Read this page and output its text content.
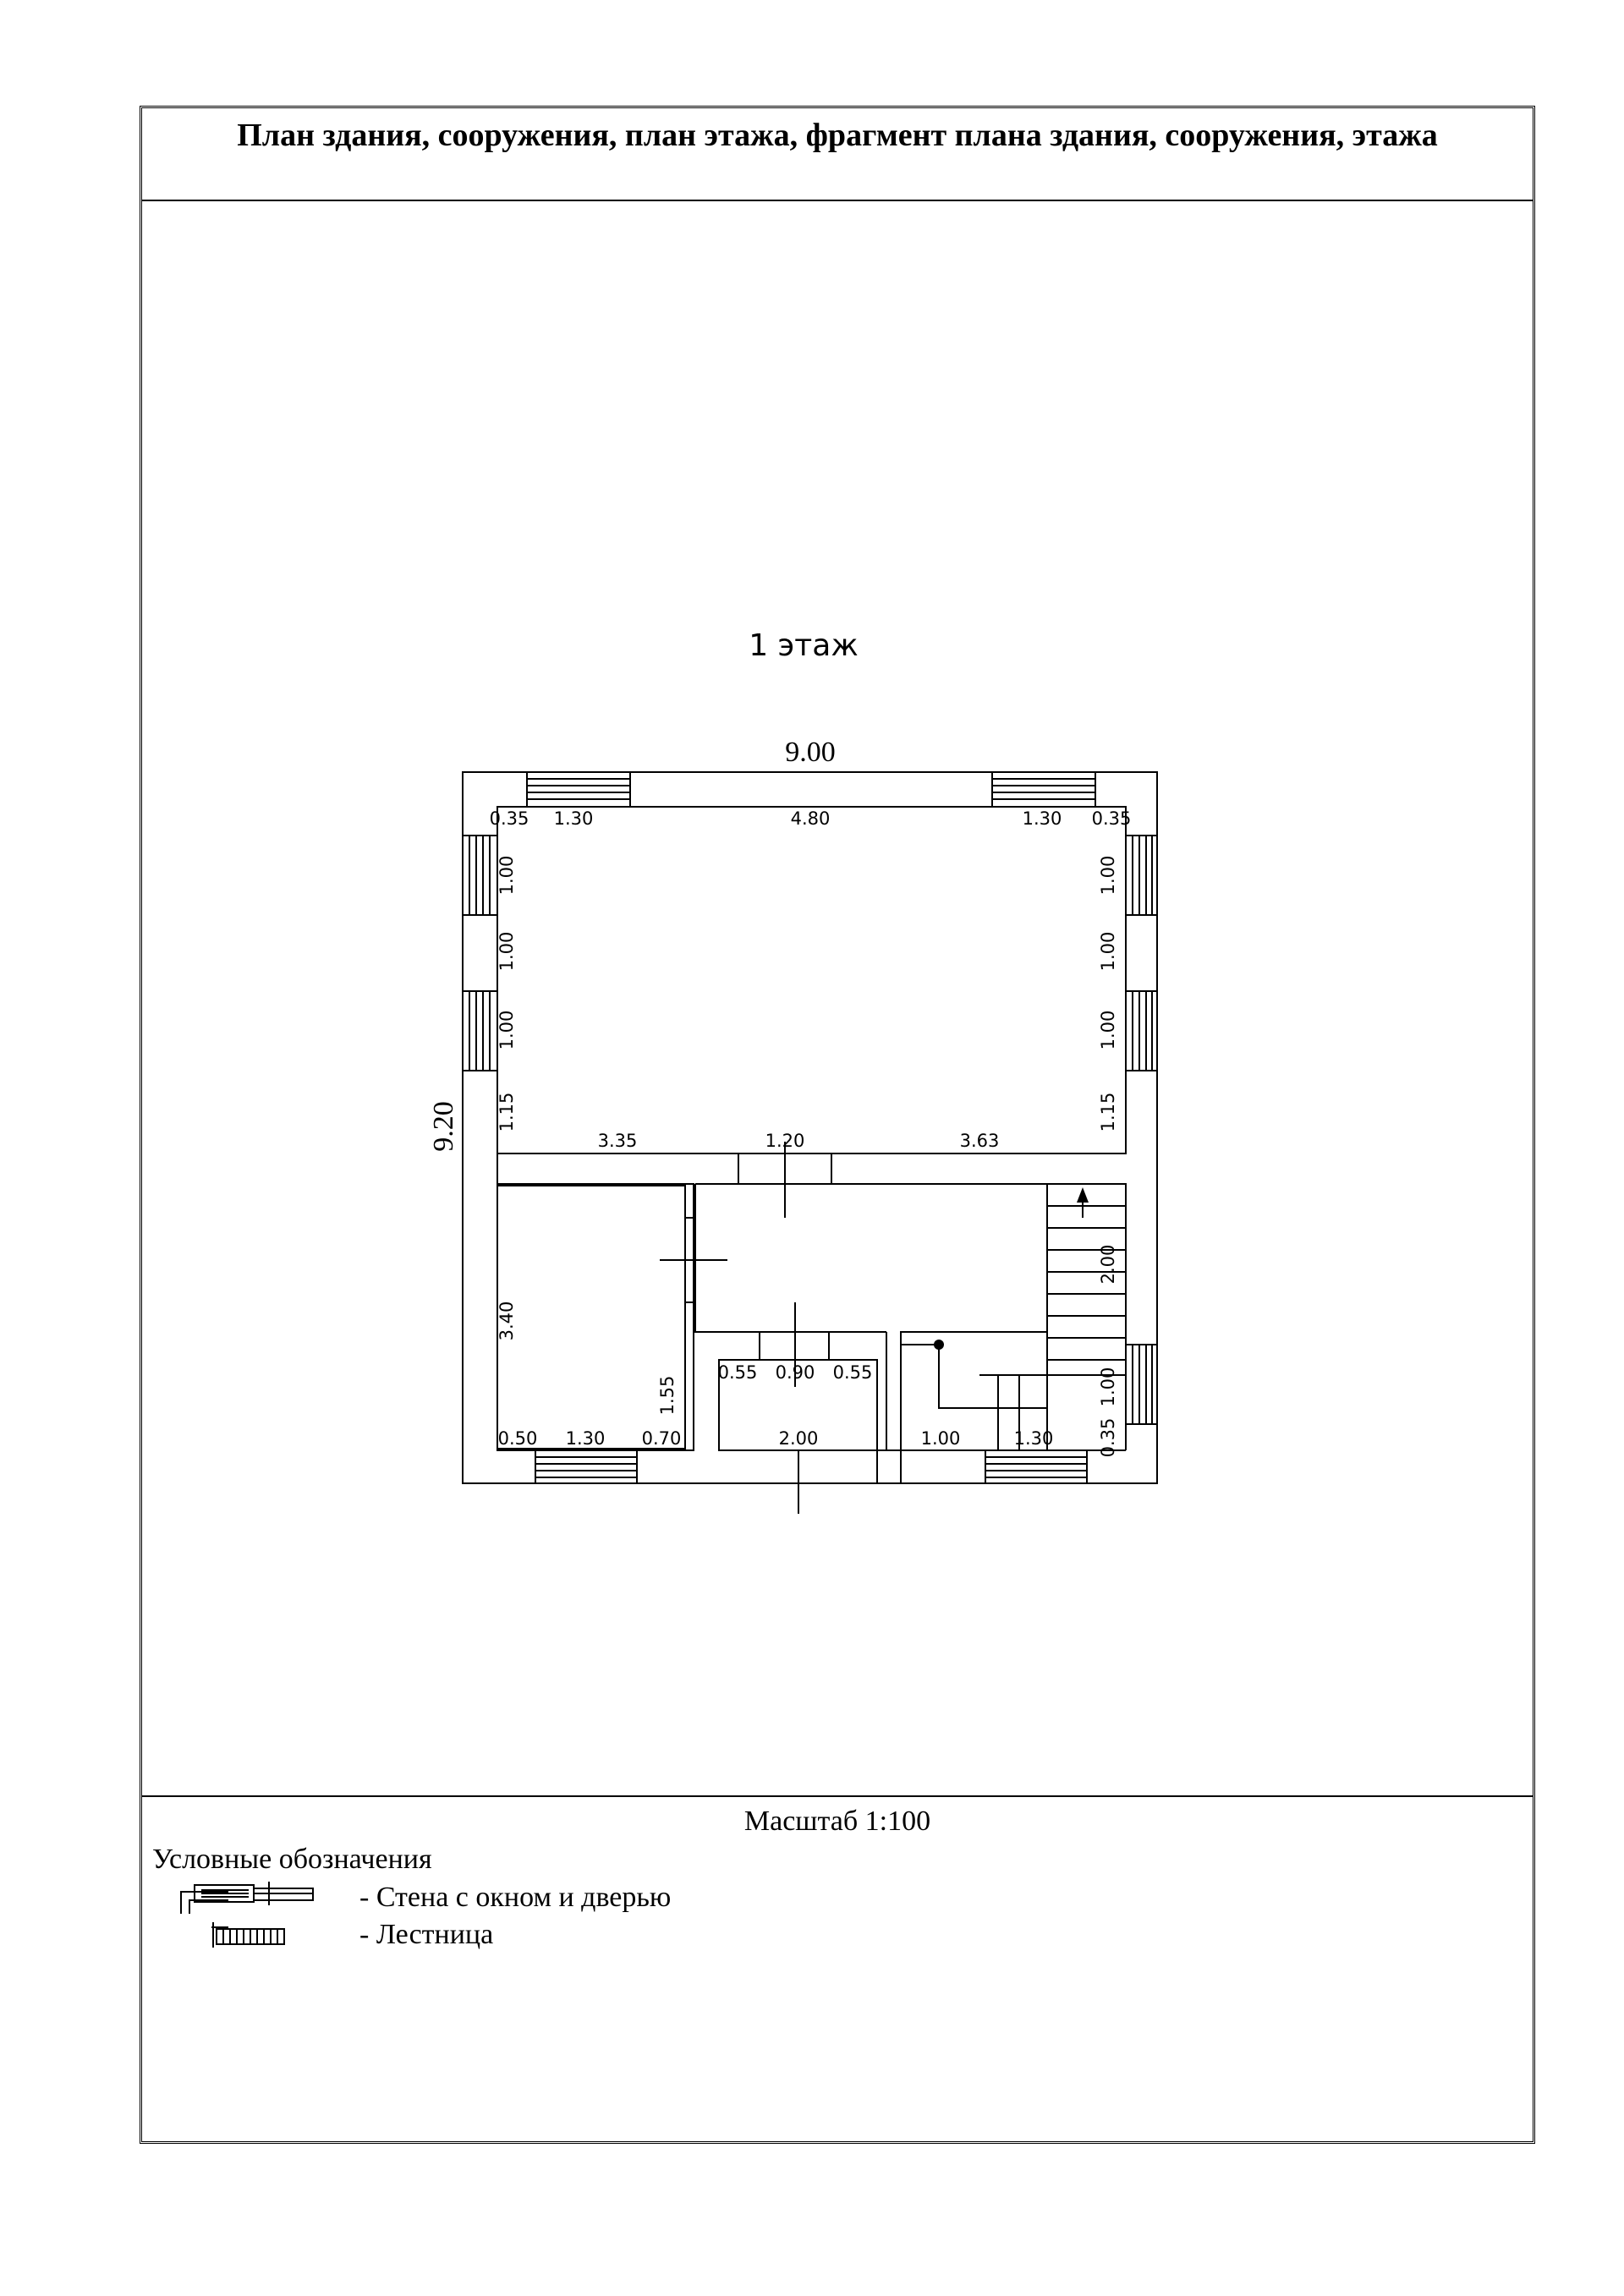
План здания, сооружения, план этажа, фрагмент плана здания, сооружения, этажа
Масштаб 1:100
Условные обозначения
- Стена с окном и дверью
- Лестница
1 этаж
9.00
9.20
0.35 1.30	4.80	1.30 0.35
1.00
1.00
1.00
1.15
1.00
1.00
1.00
1.15
3.35	1.20	3.63
3.40
1.55
2.00
1.00
0.35
0.50 1.30 0.70
0.55 0.90 0.55
2.00	1.00	1.30
